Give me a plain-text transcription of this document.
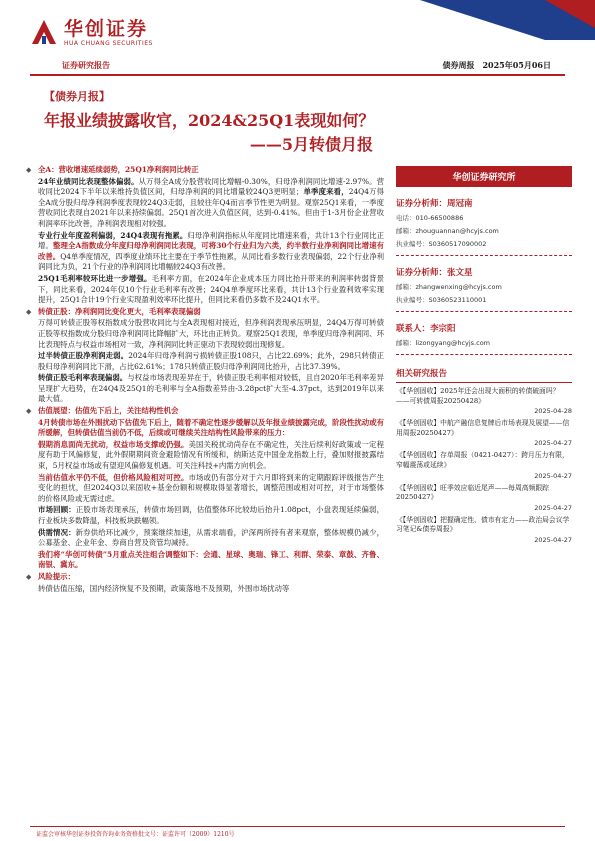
华创证券
HUA CHUANG SECURITIES
证券研究报告	债券周报　2025年05月06日
【债券月报】
年报业绩披露收官，2024&25Q1表现如何？
——5月转债月报
◆ 全A：营收增速延续弱势，25Q1净利润同比转正
24年业绩同比表现整体偏弱。从万得全A成分股营收同比增幅-0.30%，归母净利润同比增速-2.97%。营收同比2024下半年以来维持负值区间，归母净利润的同比增量较24Q3更明显；单季度来看，24Q4万得全A成分股归母净利润季度表现较24Q3走弱，且较往年Q4而言季节性更为明显。观察25Q1来看，一季度营收同比表现自2021年以来持续偏弱。25Q1首次进入负值区间，达到-0.41%。但由于1-3月份企业营收利润率环比改善，净利润表现相对较强。
专业行业年度盈利偏弱，24Q4表现有拖累。归母净利润指标从年度同比增速来看，共计13个行业同比正增。整理全A指数成分年度归母净利润同比表现，可将30个行业归为六类，约半数行业净利润同比增速有改善。Q4单季度情况，四季度业绩环比主要在于季节性拖累，从同比看多数行业表现偏弱，22个行业净利润同比为负，21个行业的净利润同比增幅较24Q3有改善。
25Q1毛利率较环比进一步增强。毛利率方面，在2024年企业成本压力同比抬升带来的利润率转弱背景下，同比来看，2024年仅10个行业毛利率有改善；24Q4单季度环比来看，共计13个行业盈利效率实现提升，25Q1合计19个行业实现盈利效率环比提升，但同比来看仍多数不及24Q1水平。
◆ 转债正股：净利润同比变化更大，毛利率表现偏弱
万得可转债正股等权指数成分股营收同比与全A表现相对接近，但净利润表现承压明显，24Q4万得可转债正股等权指数成分股归母净利润同比降幅扩大，环比由正转负。观察25Q1表现，单季度归母净利润同、环比表现特点与权益市场相对一致，净利润同比转正驱动下表现较弱出现修复。
过半转债正股净利润走弱。2024年归母净利润亏损转债正股108只，占比22.69%；此外，298只转债正股归母净利润同比下滑，占比62.61%；178只转债正股归母净利润同比抬升，占比37.39%。
转债正股毛利率表现偏弱。与权益市场表现差异在于，转债正股毛利率相对较低，且自2020年毛利率差异呈现扩大趋势，在24Q4及25Q1的毛利率与全A指数差异由-3.28pct扩大至-4.37pct，达到2019年以来最大值。
◆ 估值展望：估值先下后上，关注结构性机会
4月转债市场在外围扰动下估值先下后上，随着不确定性逐步缓解以及年报业绩披露完成，阶段性扰动或有所缓解，但转债估值当前仍不低，后续或可继续关注结构性风险带来的压力：
假期消息面尚无扰动，权益市场支撑或仍强。美国关税扰动尚存在不确定性，关注后续利好政策或一定程度有助于风偏修复，此外假期期间资金避险情况有所缓和，纳斯达克中国金龙指数上行，叠加财报披露结束，5月权益市场或有望迎风偏修复机遇。可关注科技+内需方向机会。
当前估值水平仍不低，但价格风险相对可控。市场或仍有部分对于六月即将到来的定期跟踪评级报告产生变化的担忧，但2024Q3以来固收+基金份额和规模取得显著增长，调整范围或相对可控，对于市场整体的价格风险或无需过虑。
市场回顾：正股市场表现承压，转债市场回调，估值整体环比较劫后抬升1.08pct，小盘表现延续偏弱，行业板块多数降温，科技板块跌幅领。
供需情况：新券供给环比减少，预案继续加速，从需求端看，沪深两所持有者来观察，整体规模仍减少，公募基金、企业年金、券商自营及资管均减持。
我们将“华创可转债”5月重点关注组合调整如下：会通、星球、奥瑞、锋工、利群、荣泰、章鼓、齐鲁、南银、冀东。
◆ 风险提示：
转债估值压缩，国内经济恢复不及预期，政策落地不及预期，外围市场扰动等
华创证券研究所
证券分析师：周冠南
电话：010-66500886
邮箱：zhouguannan@hcyjs.com
执业编号：S0360517090002
证券分析师：张文星
邮箱：zhangwenxing@hcyjs.com
执业编号：S0360523110001
联系人：李宗阳
邮箱：lizongyang@hcyjs.com
相关研究报告
《【华创固收】2025年还会出现大面积的转债破面吗？——可转债周报20250428》
2025-04-28
《【华创固收】中航产融信息复牌后市场表现及展望——信用周报20250427》
2025-04-27
《【华创固收】存单周报（0421-0427）：跨月压力有限，窄幅震荡或延续》
2025-04-27
《【华创固收】旺季效应临近尾声——每周高频跟踪20250427》
2025-04-27
《【华创固收】把握确定性、债市有定力——政治局会议学习笔记&债券周报》
2025-04-27
证监会审核华创证券投资咨询业务资格批文号：证监许可（2009）1210号
